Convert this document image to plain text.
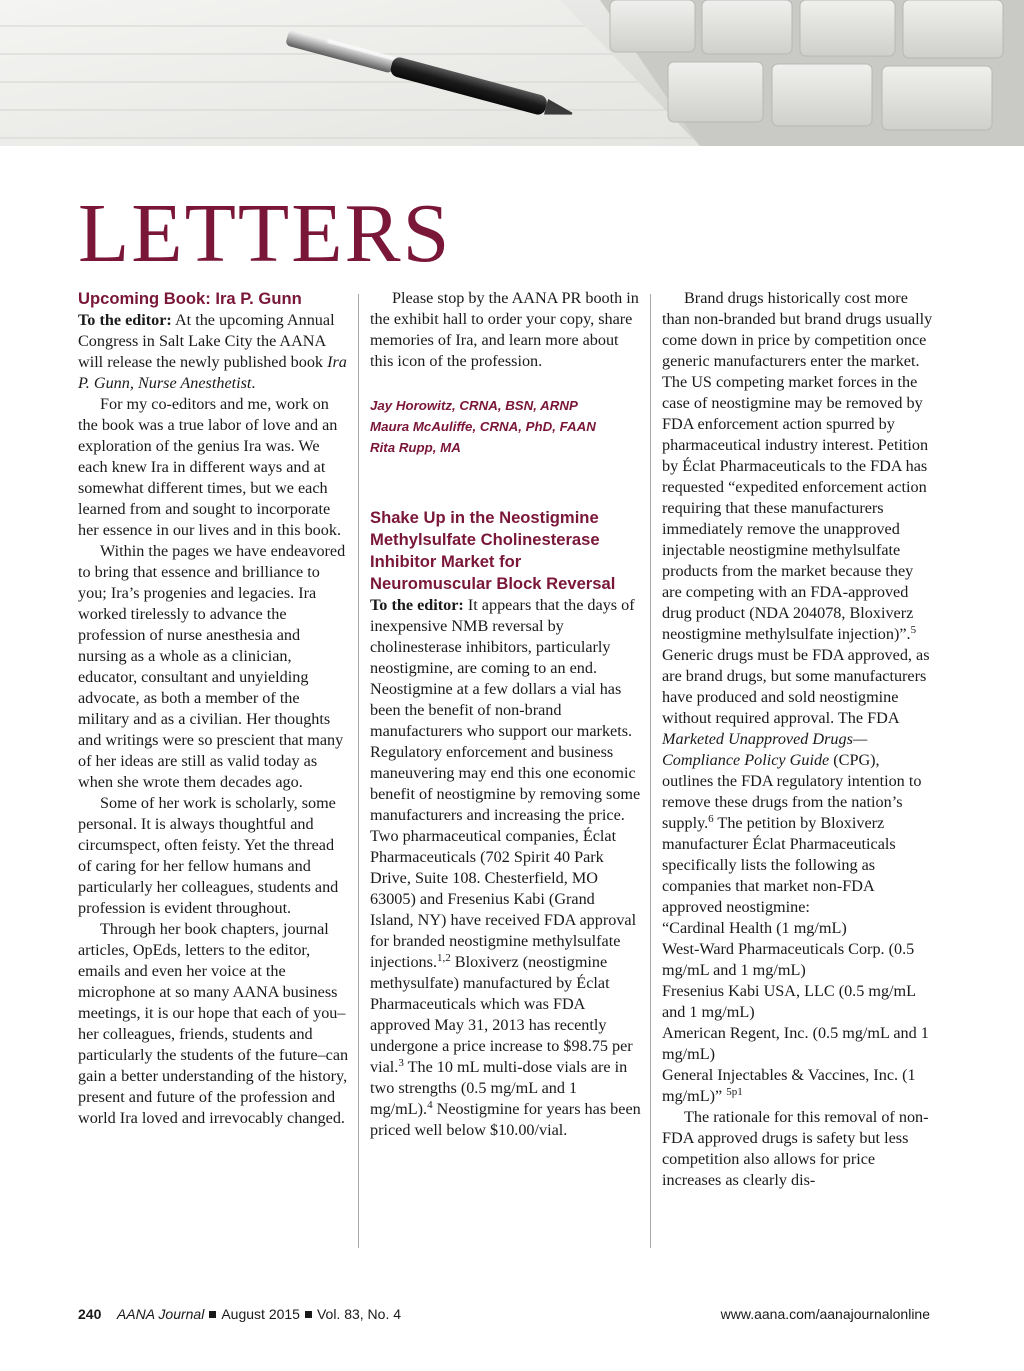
LETTERS
Upcoming Book: Ira P. Gunn

To the editor: At the upcoming Annual Congress in Salt Lake City the AANA will release the newly published book Ira P. Gunn, Nurse Anesthetist.

For my co-editors and me, work on the book was a true labor of love and an exploration of the genius Ira was. We each knew Ira in different ways and at somewhat different times, but we each learned from and sought to incorporate her essence in our lives and in this book.

Within the pages we have endeavored to bring that essence and brilliance to you; Ira’s progenies and legacies. Ira worked tirelessly to advance the profession of nurse anesthesia and nursing as a whole as a clinician, educator, consultant and unyielding advocate, as both a member of the military and as a civilian. Her thoughts and writings were so prescient that many of her ideas are still as valid today as when she wrote them decades ago.

Some of her work is scholarly, some personal. It is always thoughtful and circumspect, often feisty. Yet the thread of caring for her fellow humans and particularly her colleagues, students and profession is evident throughout.

Through her book chapters, journal articles, OpEds, letters to the editor, emails and even her voice at the microphone at so many AANA business meetings, it is our hope that each of you–her colleagues, friends, students and particularly the students of the future–can gain a better understanding of the history, present and future of the profession and world Ira loved and irrevocably changed.

Please stop by the AANA PR booth in the exhibit hall to order your copy, share memories of Ira, and learn more about this icon of the profession.

Jay Horowitz, CRNA, BSN, ARNP
Maura McAuliffe, CRNA, PhD, FAAN
Rita Rupp, MA
Shake Up in the Neostigmine Methylsulfate Cholinesterase Inhibitor Market for Neuromuscular Block Reversal

To the editor: It appears that the days of inexpensive NMB reversal by cholinesterase inhibitors, particularly neostigmine, are coming to an end. Neostigmine at a few dollars a vial has been the benefit of non-brand manufacturers who support our markets. Regulatory enforcement and business maneuvering may end this one economic benefit of neostigmine by removing some manufacturers and increasing the price. Two pharmaceutical companies, Éclat Pharmaceuticals (702 Spirit 40 Park Drive, Suite 108. Chesterfield, MO 63005) and Fresenius Kabi (Grand Island, NY) have received FDA approval for branded neostigmine methylsulfate injections.$^{1,2}$ Bloxiverz (neostigmine methysulfate) manufactured by Éclat Pharmaceuticals which was FDA approved May 31, 2013 has recently undergone a price increase to $98.75 per vial.$^3$ The 10 mL multi-dose vials are in two strengths (0.5 mg/mL and 1 mg/mL).$^4$ Neostigmine for years has been priced well below $10.00/vial.

Brand drugs historically cost more than non-branded but brand drugs usually come down in price by competition once generic manufacturers enter the market. The US competing market forces in the case of neostigmine may be removed by FDA enforcement action spurred by pharmaceutical industry interest. Petition by Éclat Pharmaceuticals to the FDA has requested “expedited enforcement action requiring that these manufacturers immediately remove the unapproved injectable neostigmine methylsulfate products from the market because they are competing with an FDA-approved drug product (NDA 204078, Bloxiverz neostigmine methylsulfate injection)”.$^5$ Generic drugs must be FDA approved, as are brand drugs, but some manufacturers have produced and sold neostigmine without required approval. The FDA Marketed Unapproved Drugs—Compliance Policy Guide (CPG), outlines the FDA regulatory intention to remove these drugs from the nation’s supply.$^6$ The petition by Bloxiverz manufacturer Éclat Pharmaceuticals specifically lists the following as companies that market non-FDA approved neostigmine:

“Cardinal Health (1 mg/mL)
West-Ward Pharmaceuticals Corp. (0.5 mg/mL and 1 mg/mL)
Fresenius Kabi USA, LLC (0.5 mg/mL and 1 mg/mL)
American Regent, Inc. (0.5 mg/mL and 1 mg/mL)
General Injectables & Vaccines, Inc. (1 mg/mL)” $^{5p1}$

The rationale for this removal of non-FDA approved drugs is safety but less competition also allows for price increases as clearly dis-

240 AANA Journal August 2015 Vol. 83, No. 4	www.aana.com/aanajournalonline
